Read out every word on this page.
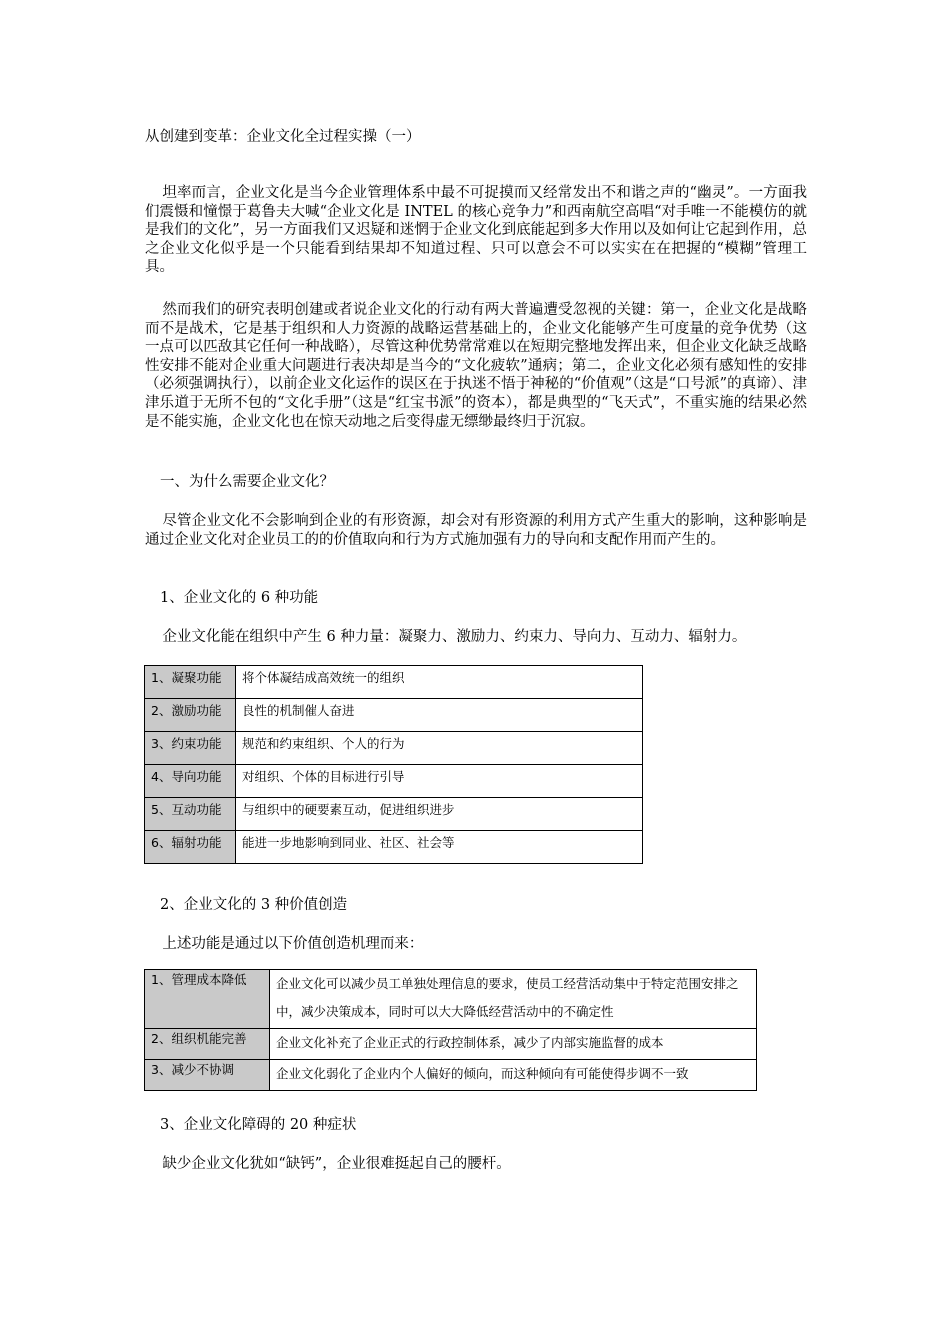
从创建到变革：企业文化全过程实操（一）

坦率而言，企业文化是当今企业管理体系中最不可捉摸而又经常发出不和谐之声的“幽灵”。一方面我们震慑和憧憬于葛鲁夫大喊“企业文化是 INTEL 的核心竞争力”和西南航空高唱“对手唯一不能模仿的就是我们的文化”，另一方面我们又迟疑和迷惘于企业文化到底能起到多大作用以及如何让它起到作用，总之企业文化似乎是一个只能看到结果却不知道过程、只可以意会不可以实实在在把握的“模糊”管理工具。

然而我们的研究表明创建或者说企业文化的行动有两大普遍遭受忽视的关键：第一，企业文化是战略而不是战术，它是基于组织和人力资源的战略运营基础上的，企业文化能够产生可度量的竞争优势（这一点可以匹敌其它任何一种战略），尽管这种优势常常难以在短期完整地发挥出来，但企业文化缺乏战略性安排不能对企业重大问题进行表决却是当今的“文化疲软”通病；第二，企业文化必须有感知性的安排（必须强调执行），以前企业文化运作的误区在于执迷不悟于神秘的“价值观”（这是“口号派”的真谛）、津津乐道于无所不包的“文化手册”（这是“红宝书派”的资本），都是典型的“飞天式”，不重实施的结果必然是不能实施，企业文化也在惊天动地之后变得虚无缥缈最终归于沉寂。

一、为什么需要企业文化？

尽管企业文化不会影响到企业的有形资源，却会对有形资源的利用方式产生重大的影响，这种影响是通过企业文化对企业员工的的价值取向和行为方式施加强有力的导向和支配作用而产生的。

1、企业文化的 6 种功能

企业文化能在组织中产生 6 种力量：凝聚力、激励力、约束力、导向力、互动力、辐射力。

1、凝聚功能	将个体凝结成高效统一的组织
2、激励功能	良性的机制催人奋进
3、约束功能	规范和约束组织、个人的行为
4、导向功能	对组织、个体的目标进行引导
5、互动功能	与组织中的硬要素互动，促进组织进步
6、辐射功能	能进一步地影响到同业、社区、社会等
2、企业文化的 3 种价值创造

上述功能是通过以下价值创造机理而来：

1、管理成本降低	企业文化可以减少员工单独处理信息的要求，使员工经营活动集中于特定范围安排之中，减少决策成本，同时可以大大降低经营活动中的不确定性
2、组织机能完善	企业文化补充了企业正式的行政控制体系，减少了内部实施监督的成本
3、减少不协调	企业文化弱化了企业内个人偏好的倾向，而这种倾向有可能使得步调不一致
3、企业文化障碍的 20 种症状

缺少企业文化犹如“缺钙”，企业很难挺起自己的腰杆。
